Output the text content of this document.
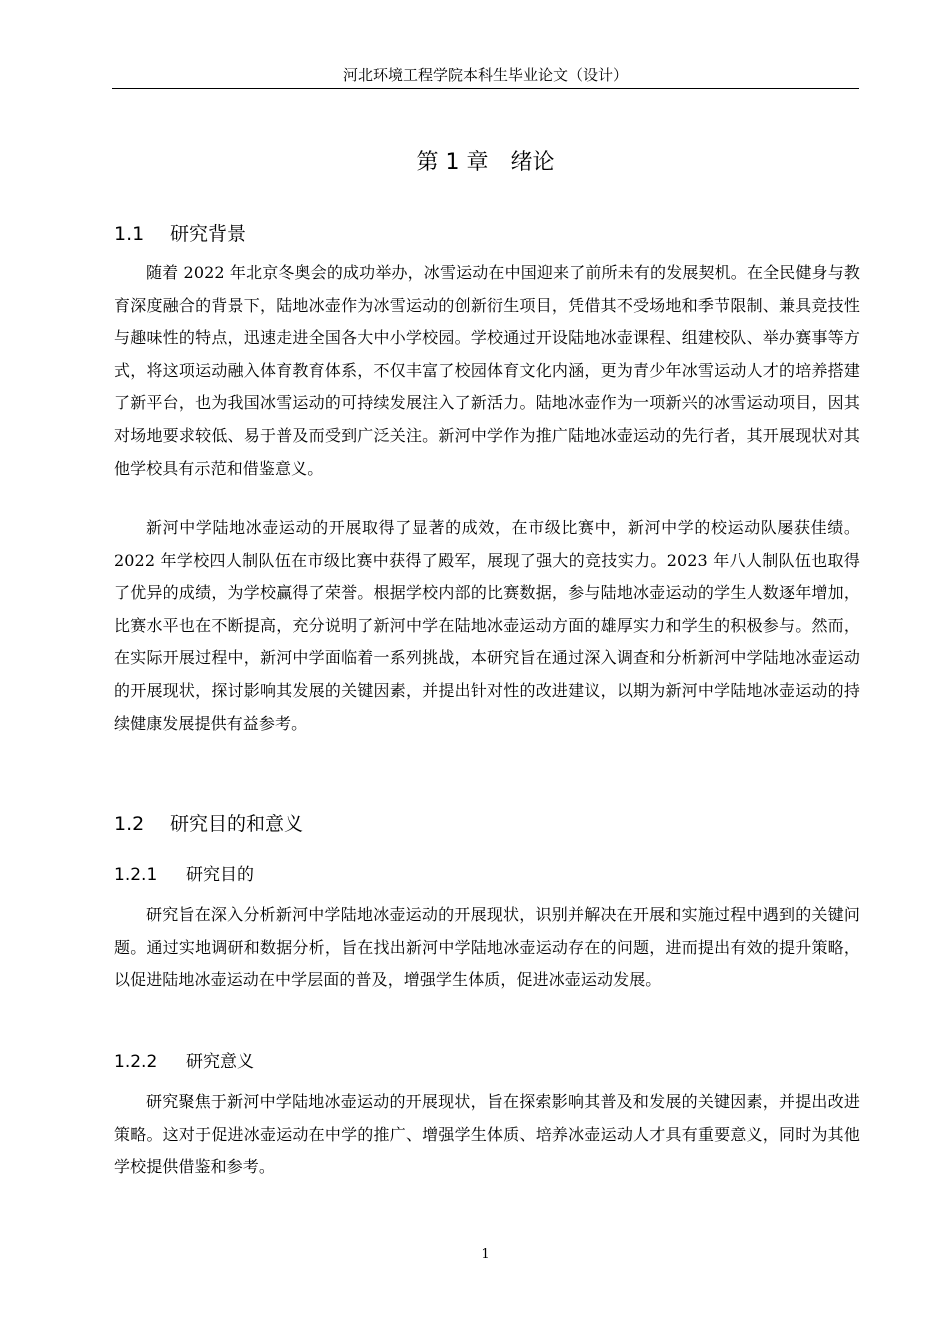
河北环境工程学院本科生毕业论文（设计）
第 1 章 绪论
1.1 研究背景

随着 2022 年北京冬奥会的成功举办，冰雪运动在中国迎来了前所未有的发展契机。在全民健身与教育深度融合的背景下，陆地冰壶作为冰雪运动的创新衍生项目，凭借其不受场地和季节限制、兼具竞技性与趣味性的特点，迅速走进全国各大中小学校园。学校通过开设陆地冰壶课程、组建校队、举办赛事等方式，将这项运动融入体育教育体系，不仅丰富了校园体育文化内涵，更为青少年冰雪运动人才的培养搭建了新平台，也为我国冰雪运动的可持续发展注入了新活力。陆地冰壶作为一项新兴的冰雪运动项目，因其对场地要求较低、易于普及而受到广泛关注。新河中学作为推广陆地冰壶运动的先行者，其开展现状对其他学校具有示范和借鉴意义。

新河中学陆地冰壶运动的开展取得了显著的成效，在市级比赛中，新河中学的校运动队屡获佳绩。2022 年学校四人制队伍在市级比赛中获得了殿军，展现了强大的竞技实力。2023 年八人制队伍也取得了优异的成绩，为学校赢得了荣誉。根据学校内部的比赛数据，参与陆地冰壶运动的学生人数逐年增加，比赛水平也在不断提高，充分说明了新河中学在陆地冰壶运动方面的雄厚实力和学生的积极参与。然而，在实际开展过程中，新河中学面临着一系列挑战，本研究旨在通过深入调查和分析新河中学陆地冰壶运动的开展现状，探讨影响其发展的关键因素，并提出针对性的改进建议，以期为新河中学陆地冰壶运动的持续健康发展提供有益参考。

1.2 研究目的和意义
1.2.1 研究目的

研究旨在深入分析新河中学陆地冰壶运动的开展现状，识别并解决在开展和实施过程中遇到的关键问题。通过实地调研和数据分析，旨在找出新河中学陆地冰壶运动存在的问题，进而提出有效的提升策略，以促进陆地冰壶运动在中学层面的普及，增强学生体质，促进冰壶运动发展。

1.2.2 研究意义

研究聚焦于新河中学陆地冰壶运动的开展现状，旨在探索影响其普及和发展的关键因素，并提出改进策略。这对于促进冰壶运动在中学的推广、增强学生体质、培养冰壶运动人才具有重要意义，同时为其他学校提供借鉴和参考。

1
